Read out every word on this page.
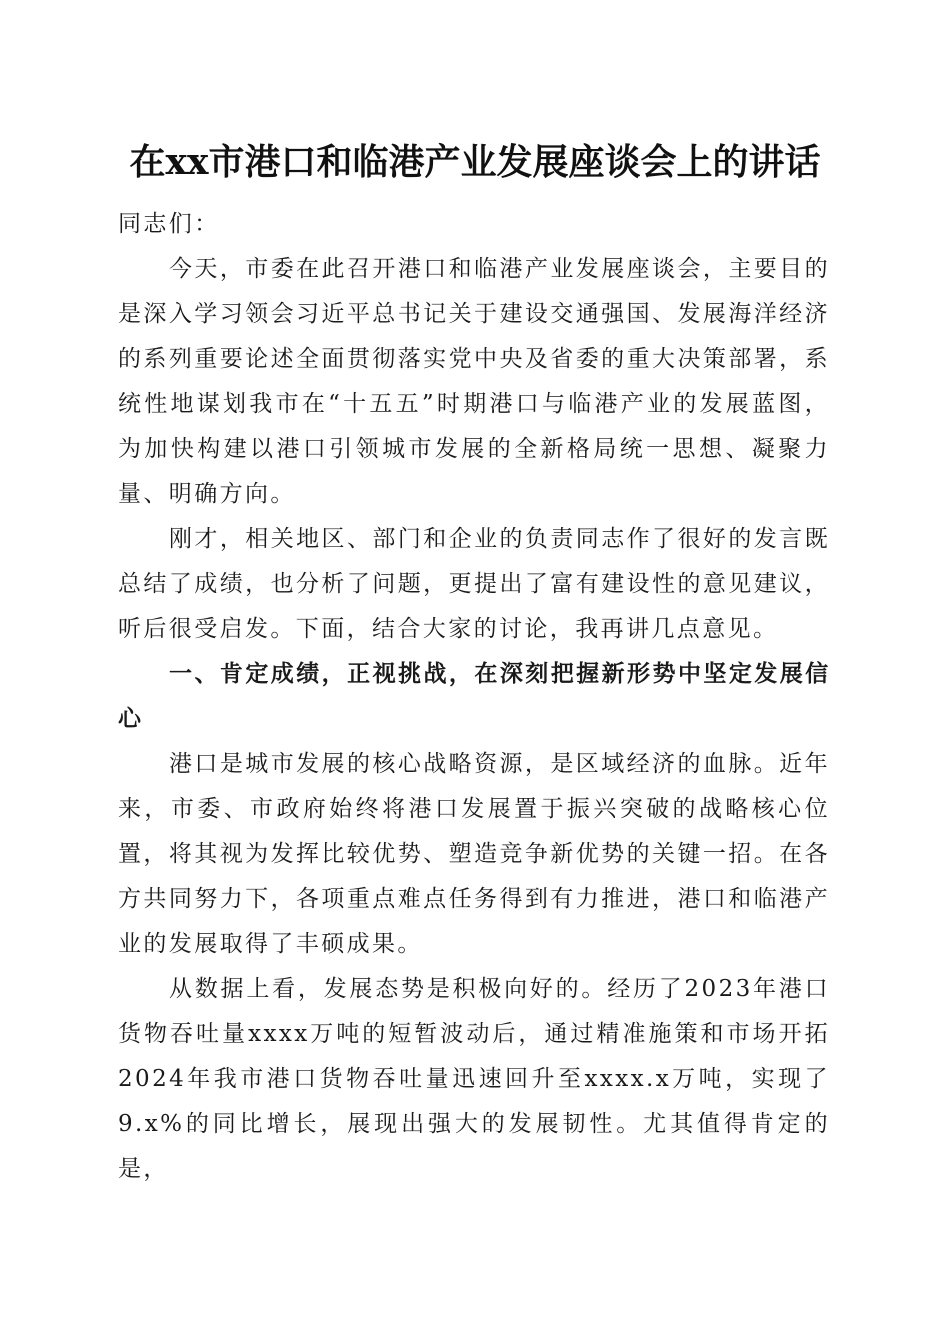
在xx市港口和临港产业发展座谈会上的讲话

同志们：

今天，市委在此召开港口和临港产业发展座谈会，主要目的是深入学习领会习近平总书记关于建设交通强国、发展海洋经济的系列重要论述全面贯彻落实党中央及省委的重大决策部署，系统性地谋划我市在“十五五”时期港口与临港产业的发展蓝图，为加快构建以港口引领城市发展的全新格局统一思想、凝聚力量、明确方向。

刚才，相关地区、部门和企业的负责同志作了很好的发言既总结了成绩，也分析了问题，更提出了富有建设性的意见建议，听后很受启发。下面，结合大家的讨论，我再讲几点意见。

一、肯定成绩，正视挑战，在深刻把握新形势中坚定发展信心

港口是城市发展的核心战略资源，是区域经济的血脉。近年来，市委、市政府始终将港口发展置于振兴突破的战略核心位置，将其视为发挥比较优势、塑造竞争新优势的关键一招。在各方共同努力下，各项重点难点任务得到有力推进，港口和临港产业的发展取得了丰硕成果。

从数据上看，发展态势是积极向好的。经历了2023年港口货物吞吐量xxxx万吨的短暂波动后，通过精准施策和市场开拓2024年我市港口货物吞吐量迅速回升至xxxx.x万吨，实现了9.x%的同比增长，展现出强大的发展韧性。尤其值得肯定的是，
